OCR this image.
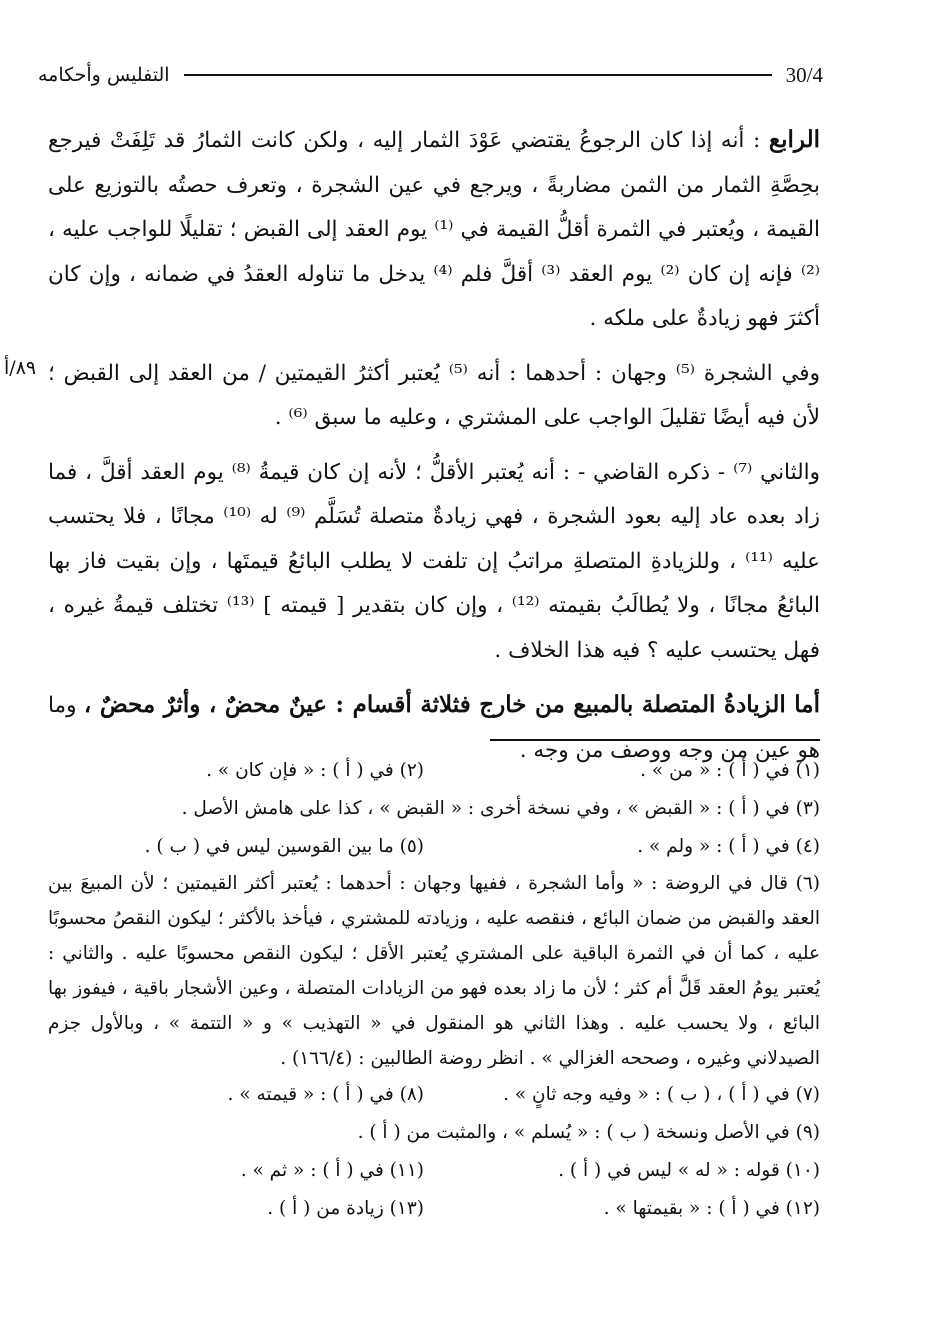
التفليس وأحكامه	30/4
٨٩/أ

الرابع : أنه إذا كان الرجوعُ يقتضي عَوْدَ الثمار إليه ، ولكن كانت الثمارُ قد تَلِفَتْ فيرجع بحِصَّةِ الثمار من الثمن مضاربةً ، ويرجع في عين الشجرة ، وتعرف حصتُه بالتوزيع على القيمة ، ويُعتبر في الثمرة أقلُّ القيمة في ⁽¹⁾ يوم العقد إلى القبض ؛ تقليلًا للواجب عليه ، ⁽²⁾ فإنه إن كان ⁽²⁾ يوم العقد ⁽³⁾ أقلَّ فلم ⁽⁴⁾ يدخل ما تناوله العقدُ في ضمانه ، وإن كان أكثرَ فهو زيادةٌ على ملكه .

وفي الشجرة ⁽⁵⁾ وجهان : أحدهما : أنه ⁽⁵⁾ يُعتبر أكثرُ القيمتين / من العقد إلى القبض ؛ لأن فيه أيضًا تقليلَ الواجب على المشتري ، وعليه ما سبق ⁽⁶⁾ .

والثاني ⁽⁷⁾ - ذكره القاضي - : أنه يُعتبر الأقلُّ ؛ لأنه إن كان قيمةُ ⁽⁸⁾ يوم العقد أقلَّ ، فما زاد بعده عاد إليه بعود الشجرة ، فهي زيادةٌ متصلة تُسَلَّم ⁽⁹⁾ له ⁽¹⁰⁾ مجانًا ، فلا يحتسب عليه ⁽¹¹⁾ ، وللزيادةِ المتصلةِ مراتبُ إن تلفت لا يطلب البائعُ قيمتَها ، وإن بقيت فاز بها البائعُ مجانًا ، ولا يُطالَبُ بقيمته ⁽¹²⁾ ، وإن كان بتقدير [ قيمته ] ⁽¹³⁾ تختلف قيمةُ غيره ، فهل يحتسب عليه ؟ فيه هذا الخلاف .

أما الزيادةُ المتصلة بالمبيع من خارج فثلاثة أقسام : عينٌ محضٌ ، وأثرٌ محضٌ ، وما هو عين من وجه ووصف من وجه .

(١) في ( أ ) : « من » .
(٢) في ( أ ) : « فإن كان » .
(٣) في ( أ ) : « القبض » ، وفي نسخة أخرى : « القبض » ، كذا على هامش الأصل .
(٤) في ( أ ) : « ولم » .
(٥) ما بين القوسين ليس في ( ب ) .
(٦) قال في الروضة : « وأما الشجرة ، ففيها وجهان : أحدهما : يُعتبر أكثر القيمتين ؛ لأن المبيعَ بين العقد والقبض من ضمان البائع ، فنقصه عليه ، وزيادته للمشتري ، فيأخذ بالأكثر ؛ ليكون النقصُ محسوبًا عليه ، كما أن في الثمرة الباقية على المشتري يُعتبر الأقل ؛ ليكون النقص محسوبًا عليه . والثاني : يُعتبر يومُ العقد قَلَّ أم كثر ؛ لأن ما زاد بعده فهو من الزيادات المتصلة ، وعين الأشجار باقية ، فيفوز بها البائع ، ولا يحسب عليه . وهذا الثاني هو المنقول في « التهذيب » و « التتمة » ، وبالأول جزم الصيدلاني وغيره ، وصححه الغزالي » . انظر روضة الطالبين : (١٦٦/٤) .
(٧) في ( أ ) ، ( ب ) : « وفيه وجه ثانٍ » .
(٨) في ( أ ) : « قيمته » .
(٩) في الأصل ونسخة ( ب ) : « يُسلم » ، والمثبت من ( أ ) .
(١٠) قوله : « له » ليس في ( أ ) .
(١١) في ( أ ) : « ثم » .
(١٢) في ( أ ) : « بقيمتها » .
(١٣) زيادة من ( أ ) .
